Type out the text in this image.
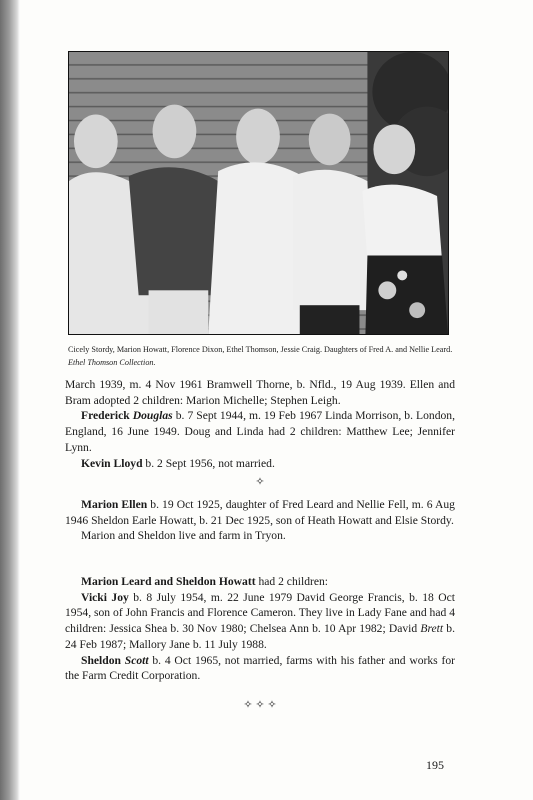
Cicely Stordy, Marion Howatt, Florence Dixon, Ethel Thomson, Jessie Craig. Daughters of Fred A. and Nellie Leard. Ethel Thomson Collection.

March 1939, m. 4 Nov 1961 Bramwell Thorne, b. Nfld., 19 Aug 1939. Ellen and Bram adopted 2 children: Marion Michelle; Stephen Leigh.

Frederick Douglas b. 7 Sept 1944, m. 19 Feb 1967 Linda Morrison, b. London, England, 16 June 1949. Doug and Linda had 2 children: Matthew Lee; Jennifer Lynn.

Kevin Lloyd b. 2 Sept 1956, not married.

✧

Marion Ellen b. 19 Oct 1925, daughter of Fred Leard and Nellie Fell, m. 6 Aug 1946 Sheldon Earle Howatt, b. 21 Dec 1925, son of Heath Howatt and Elsie Stordy.

Marion and Sheldon live and farm in Tryon.

Marion Leard and Sheldon Howatt had 2 children:

Vicki Joy b. 8 July 1954, m. 22 June 1979 David George Francis, b. 18 Oct 1954, son of John Francis and Florence Cameron. They live in Lady Fane and had 4 children: Jessica Shea b. 30 Nov 1980; Chelsea Ann b. 10 Apr 1982; David Brett b. 24 Feb 1987; Mallory Jane b. 11 July 1988.

Sheldon Scott b. 4 Oct 1965, not married, farms with his father and works for the Farm Credit Corporation.

✧ ✧ ✧
195
